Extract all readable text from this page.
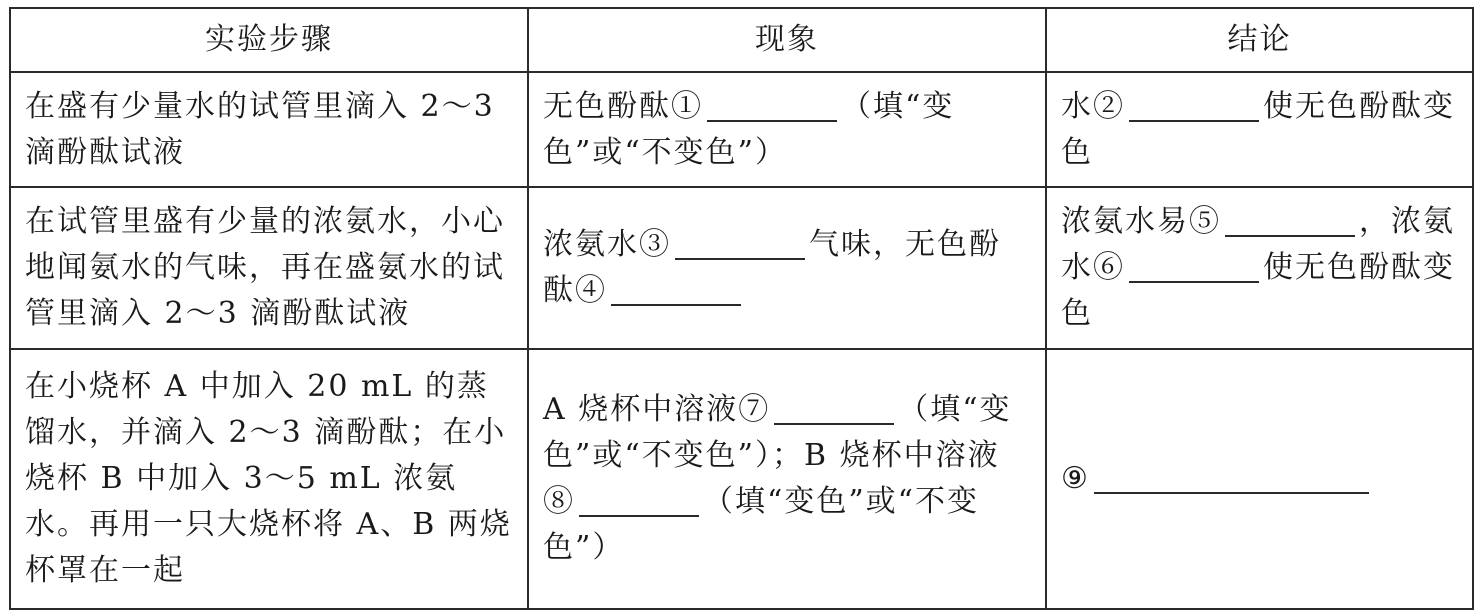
实验步骤	现象	结论
在盛有少量水的试管里滴入 2～3 滴酚酞试液	无色酚酞① （填“变色”或“不变色”）	水② 使无色酚酞变色
在试管里盛有少量的浓氨水，小心地闻氨水的气味，再在盛氨水的试管里滴入 2～3 滴酚酞试液	浓氨水③ 气味，无色酚酞④	浓氨水易⑤ ，浓氨水⑥ 使无色酚酞变色
在小烧杯 A 中加入 20 mL 的蒸馏水，并滴入 2～3 滴酚酞；在小烧杯 B 中加入 3～5 mL 浓氨水。再用一只大烧杯将 A、B 两烧杯罩在一起	A 烧杯中溶液⑦ （填“变色”或“不变色”）；B 烧杯中溶液⑧ （填“变色”或“不变色”）	⑨
